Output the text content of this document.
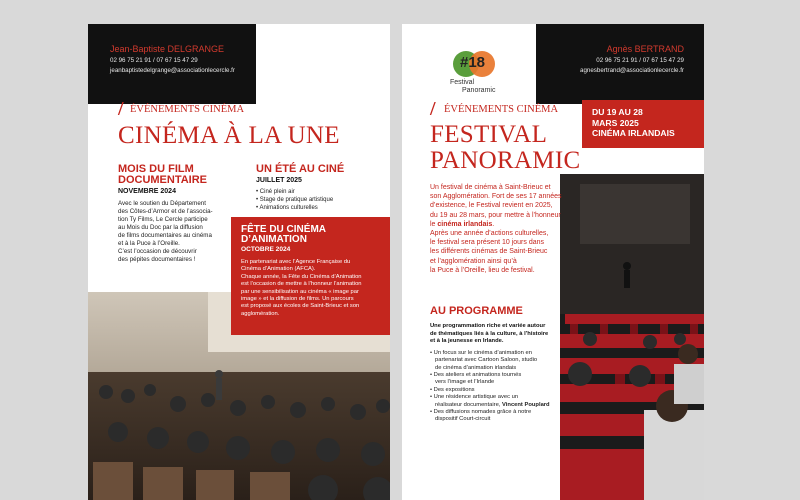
Jean-Baptiste DELGRANGE
02 96 75 21 91 / 07 67 15 47 29
jeanbaptistedelgrange@associationlecercle.fr
/ ÉVÉNEMENTS CINÉMA
CINÉMA À LA UNE
MOIS DU FILM
DOCUMENTAIRE
NOVEMBRE 2024
Avec le soutien du Département
des Côtes-d’Armor et de l’associa-
tion Ty Films, Le Cercle participe
au Mois du Doc par la diffusion
de films documentaires au cinéma
et à la Puce à l’Oreille.
C’est l’occasion de découvrir
des pépites documentaires !
UN ÉTÉ AU CINÉ
JUILLET 2025
• Ciné plein air
• Stage de pratique artistique
• Animations culturelles
FÊTE DU CINÉMA
D’ANIMATION
OCTOBRE 2024
En partenariat avec l’Agence Française du
Cinéma d’Animation (AFCA).
Chaque année, la Fête du Cinéma d’Animation
est l’occasion de mettre à l’honneur l’animation
par une sensibilisation au cinéma « image par
image » et la diffusion de films. Un parcours
est proposé aux écoles de Saint-Brieuc et son
agglomération.
Agnès BERTRAND
02 96 75 21 91 / 07 67 15 47 29
agnesbertrand@associationlecercle.fr
#18
Festival
Panoramic
/ ÉVÉNEMENTS CINÉMA
FESTIVAL
PANORAMIC
DU 19 AU 28
MARS 2025
CINÉMA IRLANDAIS
Un festival de cinéma à Saint-Brieuc et
son Agglomération. Fort de ses 17 années
d’existence, le Festival revient en 2025,
du 19 au 28 mars, pour mettre à l’honneur
le cinéma irlandais.
Après une année d’actions culturelles,
le festival sera présent 10 jours dans
les différents cinémas de Saint-Brieuc
et l’agglomération ainsi qu’à
la Puce à l’Oreille, lieu de festival.
AU PROGRAMME
Une programmation riche et variée autour
de thématiques liés à la culture, à l’histoire
et à la jeunesse en Irlande.
• Un focus sur le cinéma d’animation en
partenariat avec Cartoon Saloon, studio
de cinéma d’animation irlandais
• Des ateliers et animations tournés
vers l’image et l’Irlande
• Des expositions
• Une résidence artistique avec un
réalisateur documentaire, Vincent Pouplard
• Des diffusions nomades grâce à notre
dispositif Court-circuit
